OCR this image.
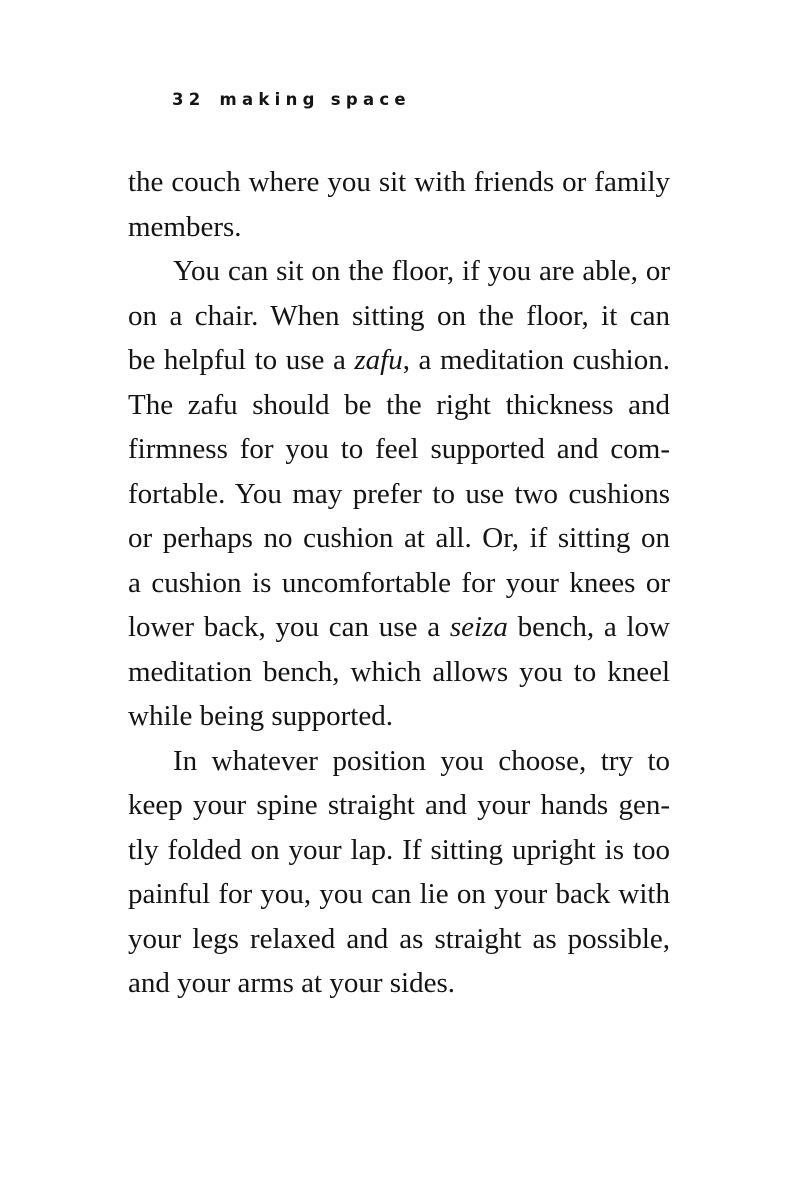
32 making space
the couch where you sit with friends or family
members.
You can sit on the floor, if you are able, or
on a chair. When sitting on the floor, it can
be helpful to use a zafu, a meditation cushion.
The zafu should be the right thickness and
firmness for you to feel supported and com-
fortable. You may prefer to use two cushions
or perhaps no cushion at all. Or, if sitting on
a cushion is uncomfortable for your knees or
lower back, you can use a seiza bench, a low
meditation bench, which allows you to kneel
while being supported.
In whatever position you choose, try to
keep your spine straight and your hands gen-
tly folded on your lap. If sitting upright is too
painful for you, you can lie on your back with
your legs relaxed and as straight as possible,
and your arms at your sides.
